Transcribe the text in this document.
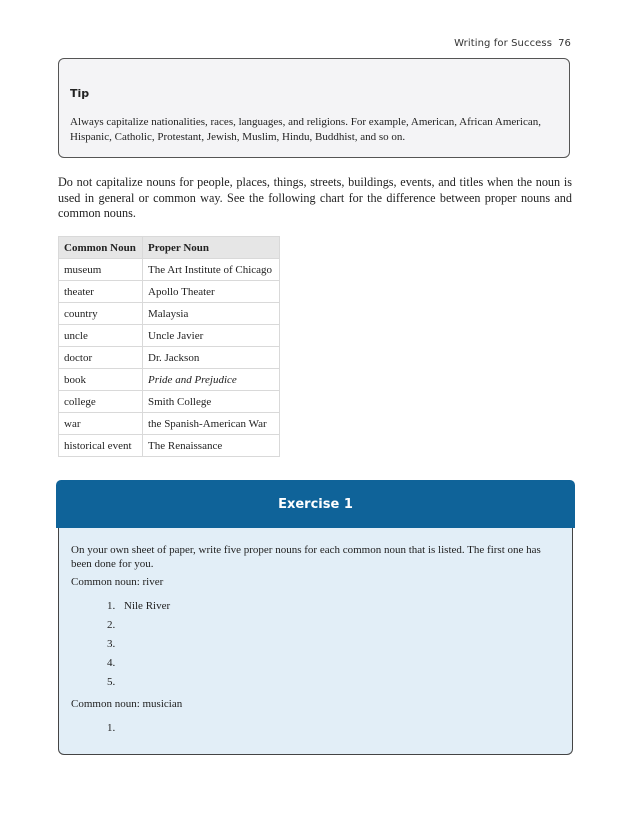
Writing for Success 76

Tip

Always capitalize nationalities, races, languages, and religions. For example, American, African American, Hispanic, Catholic, Protestant, Jewish, Muslim, Hindu, Buddhist, and so on.

Do not capitalize nouns for people, places, things, streets, buildings, events, and titles when the noun is used in general or common way. See the following chart for the difference between proper nouns and common nouns.

Common Noun	Proper Noun
museum	The Art Institute of Chicago
theater	Apollo Theater
country	Malaysia
uncle	Uncle Javier
doctor	Dr. Jackson
book	Pride and Prejudice
college	Smith College
war	the Spanish-American War
historical event	The Renaissance
Exercise 1

On your own sheet of paper, write five proper nouns for each common noun that is listed. The first one has been done for you.

Common noun: river

1. Nile River
2.
3.
4.
5.

Common noun: musician

1.
